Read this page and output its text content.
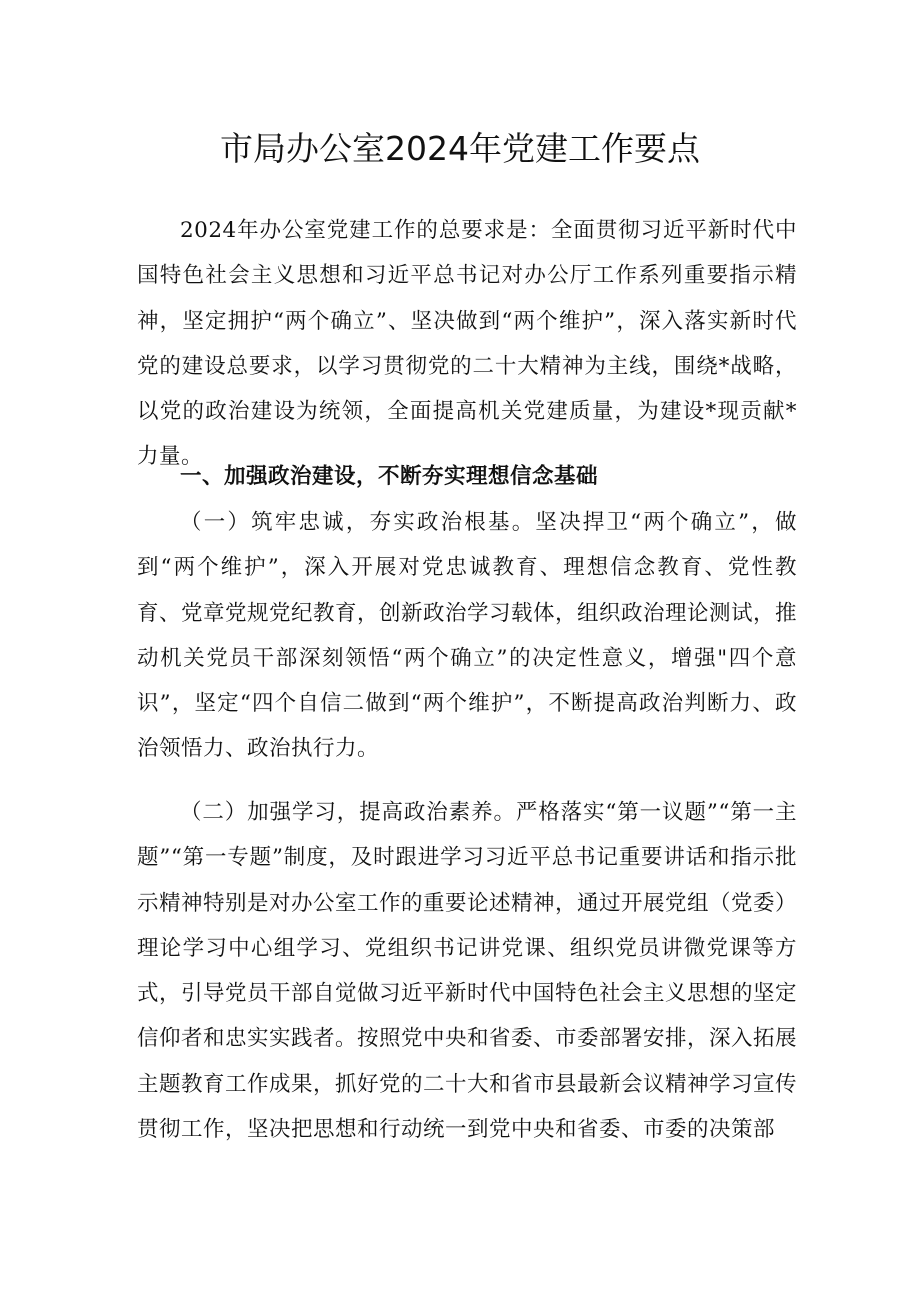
市局办公室2024年党建工作要点

2024年办公室党建工作的总要求是：全面贯彻习近平新时代中国特色社会主义思想和习近平总书记对办公厅工作系列重要指示精神，坚定拥护“两个确立”、坚决做到“两个维护”，深入落实新时代党的建设总要求，以学习贯彻党的二十大精神为主线，围绕*战略，以党的政治建设为统领，全面提高机关党建质量，为建设*现贡献*力量。

一、加强政治建设，不断夯实理想信念基础

（一）筑牢忠诚，夯实政治根基。坚决捍卫“两个确立”，做到“两个维护”，深入开展对党忠诚教育、理想信念教育、党性教育、党章党规党纪教育，创新政治学习载体，组织政治理论测试，推动机关党员干部深刻领悟“两个确立”的决定性意义，增强"四个意识”，坚定“四个自信二做到“两个维护”，不断提高政治判断力、政治领悟力、政治执行力。

（二）加强学习，提高政治素养。严格落实“第一议题”“第一主题”“第一专题”制度，及时跟进学习习近平总书记重要讲话和指示批示精神特别是对办公室工作的重要论述精神，通过开展党组（党委）理论学习中心组学习、党组织书记讲党课、组织党员讲微党课等方式，引导党员干部自觉做习近平新时代中国特色社会主义思想的坚定信仰者和忠实实践者。按照党中央和省委、市委部署安排，深入拓展主题教育工作成果，抓好党的二十大和省市县最新会议精神学习宣传贯彻工作，坚决把思想和行动统一到党中央和省委、市委的决策部
